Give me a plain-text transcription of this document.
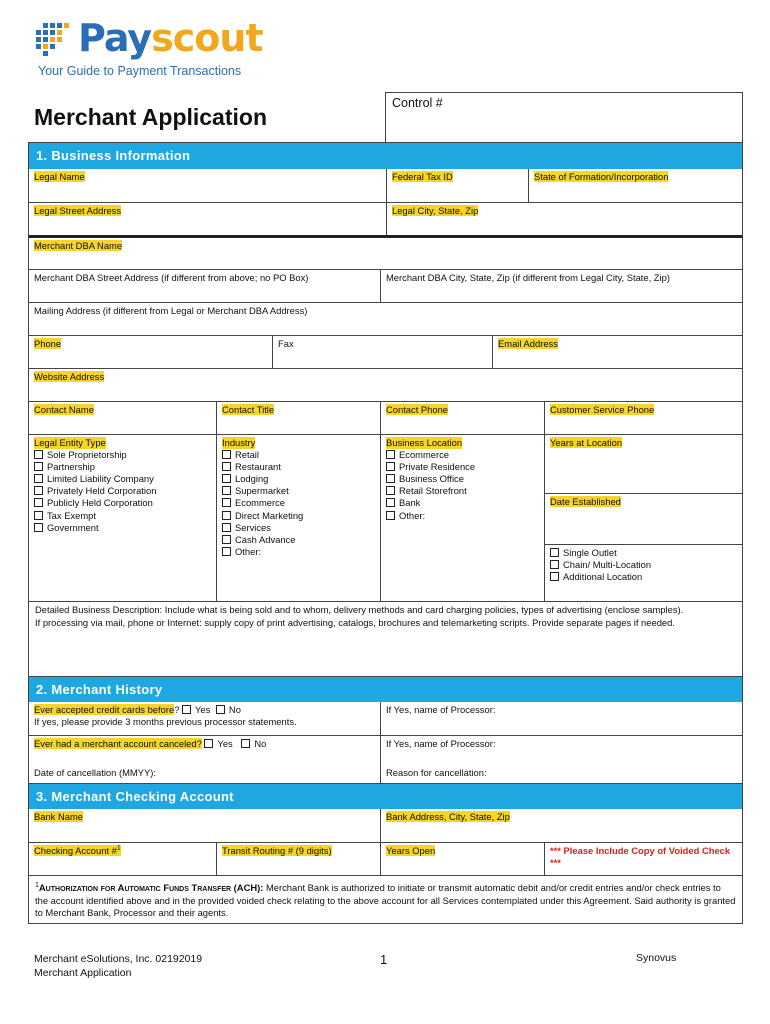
Payscout
Your Guide to Payment Transactions
Merchant Application
Control #
1. Business Information
Legal Name	Federal Tax ID	State of Formation/Incorporation
Legal Street Address	Legal City, State, Zip
Merchant DBA Name
Merchant DBA Street Address (if different from above; no PO Box)	Merchant DBA City, State, Zip (if different from Legal City, State, Zip)
Mailing Address (if different from Legal or Merchant DBA Address)
Phone	Fax	Email Address
Website Address
Contact Name	Contact Title	Contact Phone	Customer Service Phone
Legal Entity Type
Sole Proprietorship
Partnership
Limited Liability Company
Privately Held Corporation
Publicly Held Corporation
Tax Exempt
Government
Industry
Retail
Restaurant
Lodging
Supermarket
Ecommerce
Direct Marketing
Services
Cash Advance
Other:
Business Location
Ecommerce
Private Residence
Business Office
Retail Storefront
Bank
Other:
Years at Location
Date Established
Single Outlet
Chain/ Multi-Location
Additional Location
Detailed Business Description: Include what is being sold and to whom, delivery methods and card charging policies, types of advertising (enclose samples).
If processing via mail, phone or Internet: supply copy of print advertising, catalogs, brochures and telemarketing scripts. Provide separate pages if needed.
2. Merchant History
Ever accepted credit cards before? Yes No
If yes, please provide 3 months previous processor statements.
If Yes, name of Processor:
Ever had a merchant account canceled? Yes No	If Yes, name of Processor:
Date of cancellation (MMYY):	Reason for cancellation:
3. Merchant Checking Account
Bank Name	Bank Address, City, State, Zip
Checking Account #$^1$	Transit Routing # (9 digits)	Years Open	*** Please Include Copy of Voided Check ***
$^1$Authorization for Automatic Funds Transfer (ACH): Merchant Bank is authorized to initiate or transmit automatic debit and/or credit entries and/or check entries to the account identified above and in the provided voided check relating to the above account for all Services contemplated under this Agreement. Said authority is granted to Merchant Bank, Processor and their agents.
Merchant eSolutions, Inc. 02192019
Merchant Application
1	Synovus
